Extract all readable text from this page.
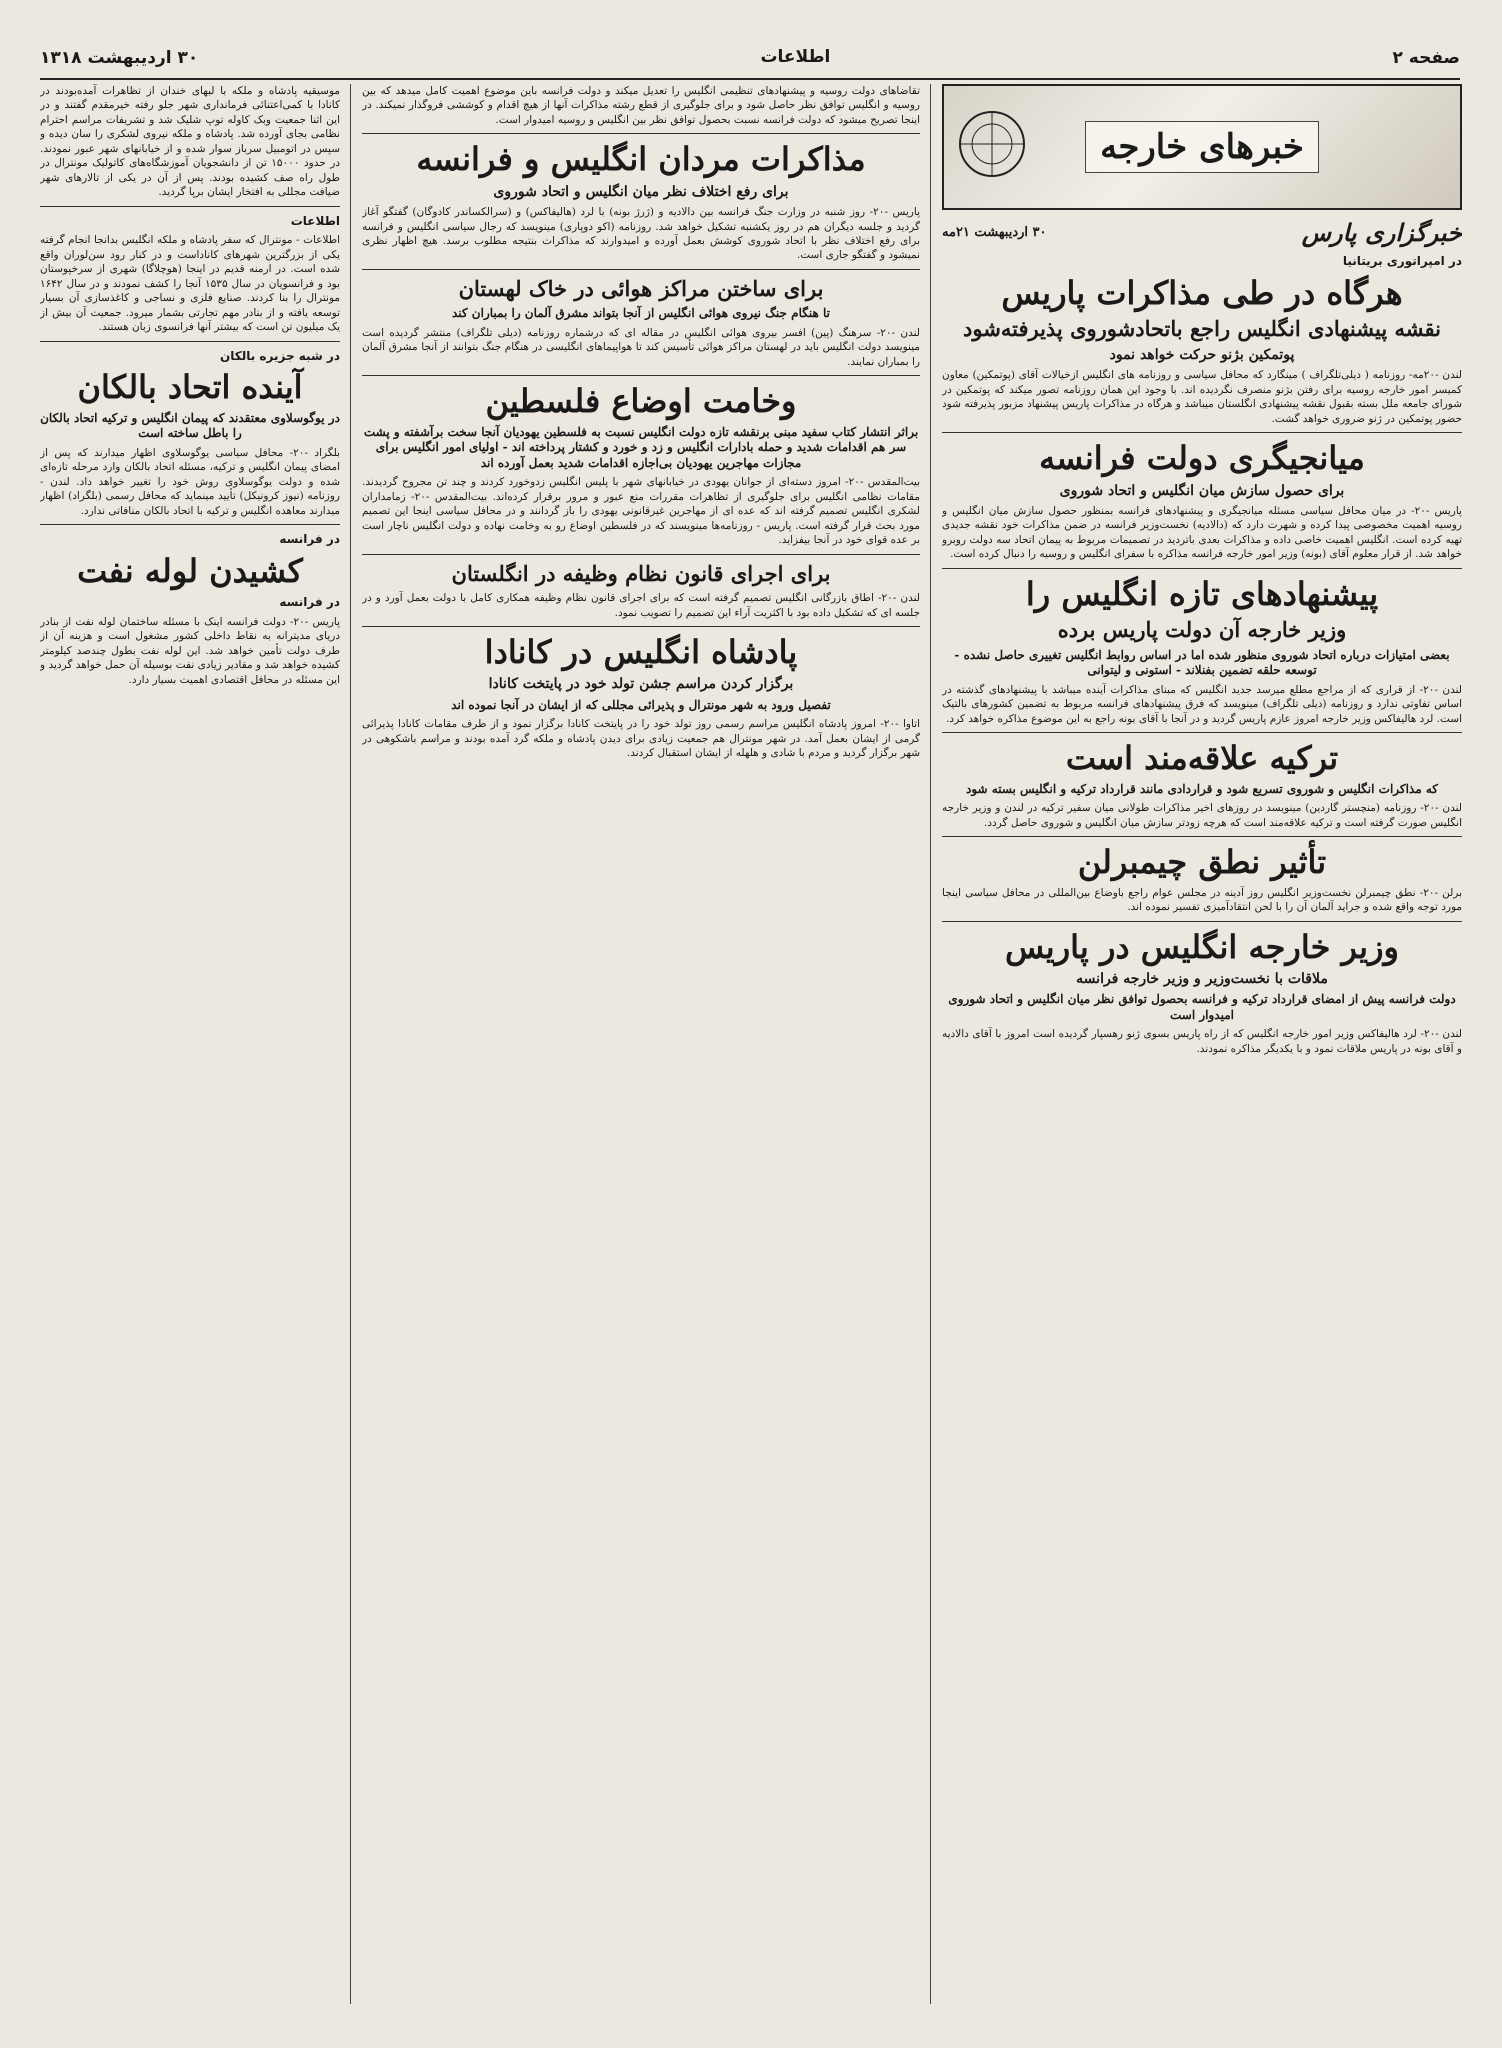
صفحه ۲
اطلاعات
۳۰ اردیبهشت ۱۳۱۸
خبرهای خارجه
خبرگزاری پارس
۳۰ اردیبهشت ۲۱مه
در امپراتوری بریتانیا
هرگاه در طی مذاکرات پاریس
نقشه پیشنهادی انگلیس راجع باتحادشوروی پذیرفته‌شود
پوتمکین بژنو حرکت خواهد نمود

لندن -۲۰مه- روزنامه ( دیلی‌تلگراف ) مینگارد که محافل سیاسی و روزنامه های انگلیس ازخیالات آقای (پوتمکین) معاون کمیسر امور خارجه روسیه برای رفتن بژنو منصرف نگردیده اند. با وجود این همان روزنامه تصور میکند که پوتمکین در شورای جامعه ملل بسته بقبول نقشه پیشنهادی انگلستان میباشد و هرگاه در مذاکرات پاریس پیشنهاد مزبور پذیرفته شود حضور پوتمکین در ژنو ضروری خواهد گشت.

میانجیگری دولت فرانسه
برای حصول سازش میان انگلیس و اتحاد شوروی

پاریس -۲۰- در میان محافل سیاسی مسئله میانجیگری و پیشنهادهای فرانسه بمنظور حصول سازش میان انگلیس و روسیه اهمیت مخصوصی پیدا کرده و شهرت دارد که (دالادیه) نخست‌وزیر فرانسه در ضمن مذاکرات خود نقشه جدیدی تهیه کرده است. انگلیس اهمیت خاصی داده و مذاکرات بعدی باتردید در تصمیمات مربوط به پیمان اتحاد سه دولت روبرو خواهد شد. از قرار معلوم آقای (بونه) وزیر امور خارجه فرانسه مذاکره با سفرای انگلیس و روسیه را دنبال کرده است.

پیشنهادهای تازه انگلیس را
وزیر خارجه آن دولت پاریس برده
بعضی امتیازات درباره اتحاد شوروی منظور شده اما در اساس روابط انگلیس تغییری حاصل نشده - توسعه حلقه تضمین بفنلاند - استونی و لیتوانی

لندن -۲۰- از قراری که از مراجع مطلع میرسد جدید انگلیس که مبنای مذاکرات آینده میباشد با پیشنهادهای گذشته در اساس تفاوتی ندارد و روزنامه (دیلی تلگراف) مینویسد که فرق پیشنهادهای فرانسه مربوط به تضمین کشورهای بالتیک است. لرد هالیفاکس وزیر خارجه امروز عازم پاریس گردید و در آنجا با آقای بونه راجع به این موضوع مذاکره خواهد کرد.

ترکیه علاقه‌مند است
که مذاکرات انگلیس و شوروی تسریع شود و قراردادی مانند قرارداد ترکیه و انگلیس بسته شود

لندن -۲۰- روزنامه (منچستر گاردین) مینویسد در روزهای اخیر مذاکرات طولانی میان سفیر ترکیه در لندن و وزیر خارجه انگلیس صورت گرفته است و ترکیه علاقه‌مند است که هرچه زودتر سازش میان انگلیس و شوروی حاصل گردد.

تأثیر نطق چیمبرلن

برلن -۲۰- نطق چیمبرلن نخست‌وزیر انگلیس روز آدینه در مجلس عوام راجع باوضاع بین‌المللی در محافل سیاسی اینجا مورد توجه واقع شده و جراید آلمان آن را با لحن انتقادآمیزی تفسیر نموده اند.

وزیر خارجه انگلیس در پاریس
ملاقات با نخست‌وزیر و وزیر خارجه فرانسه
دولت فرانسه پیش از امضای قرارداد ترکیه و فرانسه بحصول توافق نظر میان انگلیس و اتحاد شوروی امیدوار است

لندن -۲۰- لرد هالیفاکس وزیر امور خارجه انگلیس که از راه پاریس بسوی ژنو رهسپار گردیده است امروز با آقای دالادیه و آقای بونه در پاریس ملاقات نمود و با یکدیگر مذاکره نمودند.

تقاضاهای دولت روسیه و پیشنهادهای تنظیمی انگلیس را تعدیل میکند و دولت فرانسه باین موضوع اهمیت کامل میدهد که بین روسیه و انگلیس توافق نظر حاصل شود و برای جلوگیری از قطع رشته مذاکرات آنها از هیچ اقدام و کوششی فروگذار نمیکند. در اینجا تصریح میشود که دولت فرانسه نسبت بحصول توافق نظر بین انگلیس و روسیه امیدوار است.

مذاکرات مردان انگلیس و فرانسه
برای رفع اختلاف نظر میان انگلیس و اتحاد شوروی

پاریس -۲۰- روز شنبه در وزارت جنگ فرانسه بین دالادیه و (ژرژ بونه) با لرد (هالیفاکس) و (سرالکساندر کادوگان) گفتگو آغاز گردید و جلسه دیگران هم در روز یکشنبه تشکیل خواهد شد. روزنامه (اکو دوپاری) مینویسد که رجال سیاسی انگلیس و فرانسه برای رفع اختلاف نظر با اتحاد شوروی کوشش بعمل آورده و امیدوارند که مذاکرات بنتیجه مطلوب برسد. هیچ اظهار نظری نمیشود و گفتگو جاری است.

برای ساختن مراکز هوائی در خاک لهستان
تا هنگام جنگ نیروی هوائی انگلیس از آنجا بتواند مشرق آلمان را بمباران کند

لندن -۲۰- سرهنگ (پین) افسر بیروی هوائی انگلیس در مقاله ای که درشماره روزنامه (دیلی تلگراف) منتشر گردیده است مینویسد دولت انگلیس باید در لهستان مراکز هوائی تأسیس کند تا هواپیماهای انگلیسی در هنگام جنگ بتوانند از آنجا مشرق آلمان را بمباران نمایند.

وخامت اوضاع فلسطین
براثر انتشار کتاب سفید مبنی برنقشه تازه دولت انگلیس نسبت به فلسطین یهودیان آنجا سخت برآشفته و پشت سر هم اقدامات شدید و حمله بادارات انگلیس و زد و خورد و کشتار پرداخته اند - اولیای امور انگلیس برای مجازات مهاجرین یهودیان بی‌اجازه اقدامات شدید بعمل آورده اند

بیت‌المقدس -۲۰- امروز دسته‌ای از جوانان یهودی در خیابانهای شهر با پلیس انگلیس زدوخورد کردند و چند تن مجروح گردیدند. مقامات نظامی انگلیس برای جلوگیری از تظاهرات مقررات منع عبور و مرور برقرار کرده‌اند. بیت‌المقدس -۲۰- زمامداران لشکری انگلیس تصمیم گرفته اند که عده ای از مهاجرین غیرقانونی یهودی را باز گردانند و در محافل سیاسی اینجا این تصمیم مورد بحث قرار گرفته است. پاریس - روزنامه‌ها مینویسند که در فلسطین اوضاع رو به وخامت نهاده و دولت انگلیس ناچار است بر عده قوای خود در آنجا بیفزاید.

برای اجرای قانون نظام وظیفه در انگلستان

لندن -۲۰- اطاق بازرگانی انگلیس تصمیم گرفته است که برای اجرای قانون نظام وظیفه همکاری کامل با دولت بعمل آورد و در جلسه ای که تشکیل داده بود با اکثریت آراء این تصمیم را تصویب نمود.

پادشاه انگلیس در کانادا
برگزار کردن مراسم جشن تولد خود در پایتخت کانادا
تفصیل ورود به شهر مونترال و پذیرائی مجللی که از ایشان در آنجا نموده اند

اتاوا -۲۰- امروز پادشاه انگلیس مراسم رسمی روز تولد خود را در پایتخت کانادا برگزار نمود و از طرف مقامات کانادا پذیرائی گرمی از ایشان بعمل آمد. در شهر مونترال هم جمعیت زیادی برای دیدن پادشاه و ملکه گرد آمده بودند و مراسم باشکوهی در شهر برگزار گردید و مردم با شادی و هلهله از ایشان استقبال کردند.

موسیقیه پادشاه و ملکه با لبهای خندان از تظاهرات آمده‌بودند در کانادا با کمی‌اعتنائی فرمانداری شهر جلو رفته خیرمقدم گفتند و در این اثنا جمعیت وبک کاوله توپ شلیک شد و تشریفات مراسم احترام نظامی بجای آورده شد. پادشاه و ملکه نیروی لشکری را سان دیده و سپس در اتومبیل سرباز سوار شده و از خیابانهای شهر عبور نمودند. در حدود ۱۵۰۰۰ تن از دانشجویان آموزشگاه‌های کاتولیک مونترال در طول راه صف کشیده بودند. پس از آن در یکی از تالارهای شهر ضیافت مجللی به افتخار ایشان برپا گردید.

اطلاعات

اطلاعات - مونترال که سفر پادشاه و ملکه انگلیس بدانجا انجام گرفته یکی از بزرگترین شهرهای کاناداست و در کنار رود سن‌لوران واقع شده است. در ارمنه قدیم در اینجا (هوچلاگا) شهری از سرخپوستان بود و فرانسویان در سال ۱۵۳۵ آنجا را کشف نمودند و در سال ۱۶۴۲ مونترال را بنا کردند. صنایع فلزی و نساجی و کاغذسازی آن بسیار توسعه یافته و از بنادر مهم تجارتی بشمار میرود. جمعیت آن بیش از یک میلیون تن است که بیشتر آنها فرانسوی زبان هستند.

در شبه جزیره بالکان
آینده اتحاد بالکان
در یوگوسلاوی معتقدند که پیمان انگلیس و ترکیه اتحاد بالکان را باطل ساخته است

بلگراد -۲۰- محافل سیاسی یوگوسلاوی اظهار میدارند که پس از امضای پیمان انگلیس و ترکیه، مسئله اتحاد بالکان وارد مرحله تازه‌ای شده و دولت یوگوسلاوی روش خود را تغییر خواهد داد. لندن - روزنامه (نیوز کرونیکل) تأیید مینماید که محافل رسمی (بلگراد) اظهار میدارند معاهده انگلیس و ترکیه با اتحاد بالکان منافاتی ندارد.

در فرانسه
کشیدن لوله نفت
در فرانسه

پاریس -۲۰- دولت فرانسه اینک با مسئله ساختمان لوله نفت از بنادر دریای مدیترانه به نقاط داخلی کشور مشغول است و هزینه آن از طرف دولت تأمین خواهد شد. این لوله نفت بطول چندصد کیلومتر کشیده خواهد شد و مقادیر زیادی نفت بوسیله آن حمل خواهد گردید و این مسئله در محافل اقتصادی اهمیت بسیار دارد.
